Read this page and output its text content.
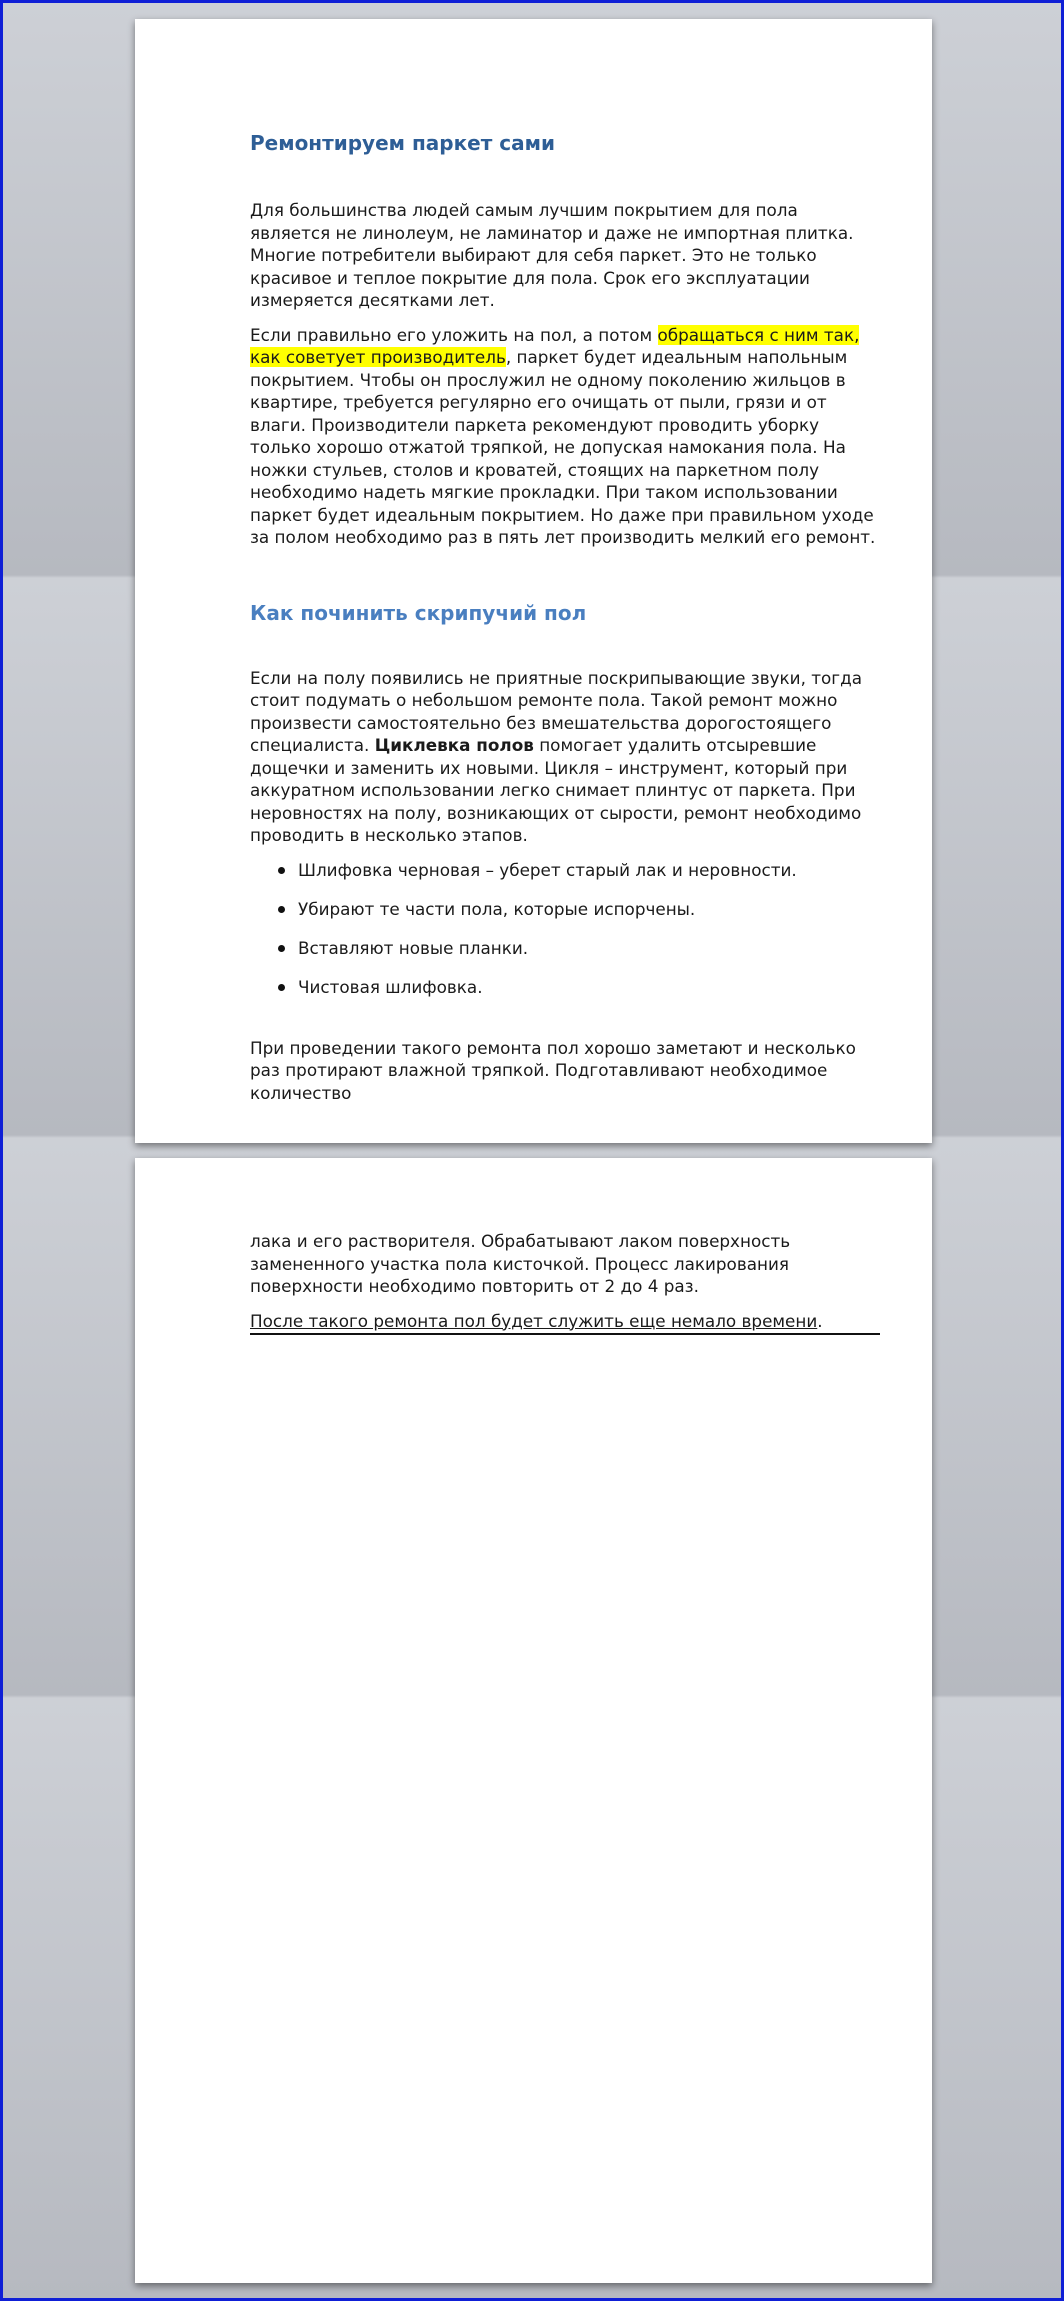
Ремонтируем паркет сами

Для большинства людей самым лучшим покрытием для пола является не линолеум, не ламинатор и даже не импортная плитка. Многие потребители выбирают для себя паркет. Это не только красивое и теплое покрытие для пола. Срок его эксплуатации измеряется десятками лет.

Если правильно его уложить на пол, а потом обращаться с ним так, как советует производитель, паркет будет идеальным напольным покрытием. Чтобы он прослужил не одному поколению жильцов в квартире, требуется регулярно его очищать от пыли, грязи и от влаги. Производители паркета рекомендуют проводить уборку только хорошо отжатой тряпкой, не допуская намокания пола. На ножки стульев, столов и кроватей, стоящих на паркетном полу необходимо надеть мягкие прокладки. При таком использовании паркет будет идеальным покрытием. Но даже при правильном уходе за полом необходимо раз в пять лет производить мелкий его ремонт.

Как починить скрипучий пол

Если на полу появились не приятные поскрипывающие звуки, тогда стоит подумать о небольшом ремонте пола. Такой ремонт можно произвести самостоятельно без вмешательства дорогостоящего специалиста. Циклевка полов помогает удалить отсыревшие дощечки и заменить их новыми. Цикля – инструмент, который при аккуратном использовании легко снимает плинтус от паркета. При неровностях на полу, возникающих от сырости, ремонт необходимо проводить в несколько этапов.

Шлифовка черновая – уберет старый лак и неровности.
Убирают те части пола, которые испорчены.
Вставляют новые планки.
Чистовая шлифовка.

При проведении такого ремонта пол хорошо заметают и несколько раз протирают влажной тряпкой. Подготавливают необходимое количество

лака и его растворителя. Обрабатывают лаком поверхность замененного участка пола кисточкой. Процесс лакирования поверхности необходимо повторить от 2 до 4 раз.

После такого ремонта пол будет служить еще немало времени.
